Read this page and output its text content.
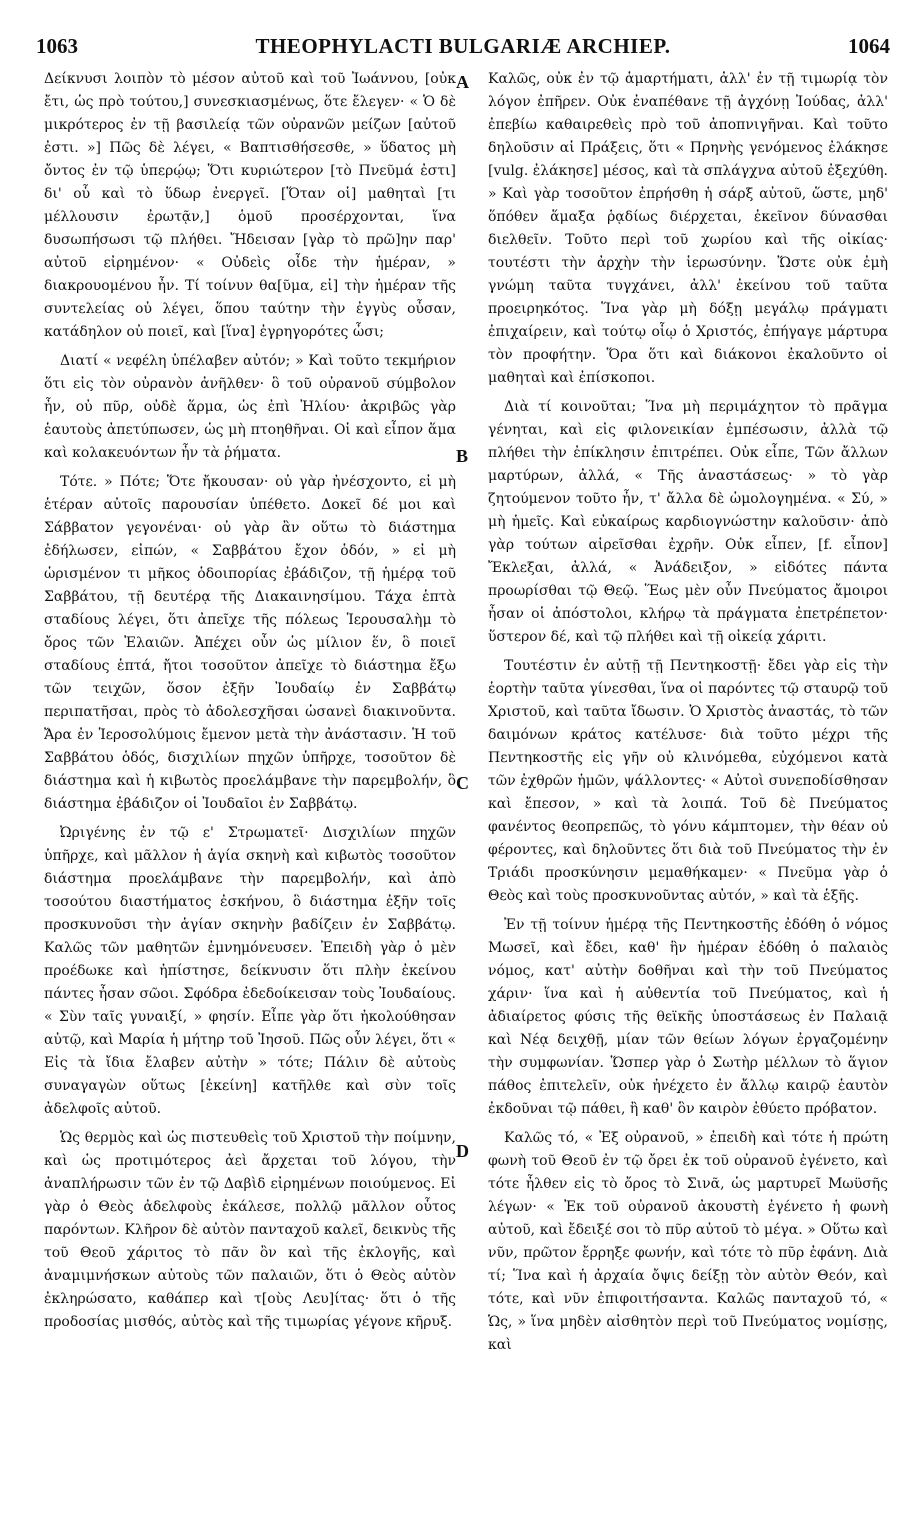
1063	THEOPHYLACTI BULGARIÆ ARCHIEP.	1064
A
B
C
D

Δείκνυσι λοιπὸν τὸ μέσον αὐτοῦ καὶ τοῦ Ἰωάννου, [οὐκ ἔτι, ὡς πρὸ τούτου,] συνεσκιασμένως, ὅτε ἔλεγεν· « Ὁ δὲ μικρότερος ἐν τῇ βασιλείᾳ τῶν οὐρανῶν μείζων [αὐτοῦ ἐστι. »] Πῶς δὲ λέγει, « Βαπτισθήσεσθε, » ὕδατος μὴ ὄντος ἐν τῷ ὑπερῴῳ; Ὅτι κυριώτερον [τὸ Πνεῦμά ἐστι] δι' οὗ καὶ τὸ ὕδωρ ἐνεργεῖ. [Ὅταν οἱ] μαθηταὶ [τι μέλλουσιν ἐρωτᾷν,] ὁμοῦ προσέρχονται, ἵνα δυσωπήσωσι τῷ πλήθει. Ἤδεισαν [γὰρ τὸ πρῶ]ην παρ' αὐτοῦ εἰρημένον· « Οὐδεὶς οἶδε τὴν ἡμέραν, » διακρουομένου ἦν. Τί τοίνυν θα[ῦμα, εἰ] τὴν ἡμέραν τῆς συντελείας οὐ λέγει, ὅπου ταύτην τὴν ἐγγὺς οὖσαν, κατάδηλον οὐ ποιεῖ, καὶ [ἵνα] ἐγρηγορότες ὦσι;

Διατί « νεφέλη ὑπέλαβεν αὐτόν; » Καὶ τοῦτο τεκμήριον ὅτι εἰς τὸν οὐρανὸν ἀνῆλθεν· ὃ τοῦ οὐρανοῦ σύμβολον ἦν, οὐ πῦρ, οὐδὲ ἅρμα, ὡς ἐπὶ Ἠλίου· ἀκριβῶς γὰρ ἑαυτοὺς ἀπετύπωσεν, ὡς μὴ πτοηθῆναι. Οἱ καὶ εἶπον ἅμα καὶ κολακευόντων ἦν τὰ ῥήματα.

Τότε. » Πότε; Ὅτε ἤκουσαν· οὐ γὰρ ἠνέσχοντο, εἰ μὴ ἑτέραν αὐτοῖς παρουσίαν ὑπέθετο. Δοκεῖ δέ μοι καὶ Σάββατον γεγονέναι· οὐ γὰρ ἂν οὕτω τὸ διάστημα ἐδήλωσεν, εἰπών, « Σαββάτου ἔχον ὁδόν, » εἰ μὴ ὡρισμένον τι μῆκος ὁδοιπορίας ἐβάδιζον, τῇ ἡμέρᾳ τοῦ Σαββάτου, τῇ δευτέρᾳ τῆς Διακαινησίμου. Τάχα ἑπτὰ σταδίους λέγει, ὅτι ἀπεῖχε τῆς πόλεως Ἱερουσαλὴμ τὸ ὄρος τῶν Ἐλαιῶν. Ἀπέχει οὖν ὡς μίλιον ἕν, ὃ ποιεῖ σταδίους ἑπτά, ἤτοι τοσοῦτον ἀπεῖχε τὸ διάστημα ἔξω τῶν τειχῶν, ὅσον ἐξῆν Ἰουδαίῳ ἐν Σαββάτῳ περιπατῆσαι, πρὸς τὸ ἀδολεσχῆσαι ὡσανεὶ διακινοῦντα. Ἄρα ἐν Ἱεροσολύμοις ἔμενον μετὰ τὴν ἀνάστασιν. Ἡ τοῦ Σαββάτου ὁδός, δισχιλίων πηχῶν ὑπῆρχε, τοσοῦτον δὲ διάστημα καὶ ἡ κιβωτὸς προελάμβανε τὴν παρεμβολήν, ὃ διάστημα ἐβάδιζον οἱ Ἰουδαῖοι ἐν Σαββάτῳ.

Ὠριγένης ἐν τῷ ε' Στρωματεῖ· Δισχιλίων πηχῶν ὑπῆρχε, καὶ μᾶλλον ἡ ἁγία σκηνὴ καὶ κιβωτὸς τοσοῦτον διάστημα προελάμβανε τὴν παρεμβολήν, καὶ ἀπὸ τοσούτου διαστήματος ἐσκήνου, ὃ διάστημα ἐξῆν τοῖς προσκυνοῦσι τὴν ἁγίαν σκηνὴν βαδίζειν ἐν Σαββάτῳ. Καλῶς τῶν μαθητῶν ἐμνημόνευσεν. Ἐπειδὴ γὰρ ὁ μὲν προέδωκε καὶ ἠπίστησε, δείκνυσιν ὅτι πλὴν ἐκείνου πάντες ἦσαν σῶοι. Σφόδρα ἐδεδοίκεισαν τοὺς Ἰουδαίους. « Σὺν ταῖς γυναιξί, » φησίν. Εἶπε γὰρ ὅτι ἠκολούθησαν αὐτῷ, καὶ Μαρία ἡ μήτηρ τοῦ Ἰησοῦ. Πῶς οὖν λέγει, ὅτι « Εἰς τὰ ἴδια ἔλαβεν αὐτὴν » τότε; Πάλιν δὲ αὐτοὺς συναγαγὼν οὕτως [ἐκείνη] κατῆλθε καὶ σὺν τοῖς ἀδελφοῖς αὐτοῦ.

Ὡς θερμὸς καὶ ὡς πιστευθεὶς τοῦ Χριστοῦ τὴν ποίμνην, καὶ ὡς προτιμότερος ἀεὶ ἄρχεται τοῦ λόγου, τὴν ἀναπλήρωσιν τῶν ἐν τῷ Δαβὶδ εἰρημένων ποιούμενος. Εἰ γὰρ ὁ Θεὸς ἀδελφοὺς ἐκάλεσε, πολλῷ μᾶλλον οὗτος παρόντων. Κλῆρον δὲ αὐτὸν πανταχοῦ καλεῖ, δεικνὺς τῆς τοῦ Θεοῦ χάριτος τὸ πᾶν ὂν καὶ τῆς ἐκλογῆς, καὶ ἀναμιμνήσκων αὐτοὺς τῶν παλαιῶν, ὅτι ὁ Θεὸς αὐτὸν ἐκληρώσατο, καθάπερ καὶ τ[οὺς Λευ]ίτας· ὅτι ὁ τῆς προδοσίας μισθός, αὐτὸς καὶ τῆς τιμωρίας γέγονε κῆρυξ.

Καλῶς, οὐκ ἐν τῷ ἁμαρτήματι, ἀλλ' ἐν τῇ τιμωρίᾳ τὸν λόγον ἐπῆρεν. Οὐκ ἐναπέθανε τῇ ἀγχόνῃ Ἰούδας, ἀλλ' ἐπεβίω καθαιρεθεὶς πρὸ τοῦ ἀποπνιγῆναι. Καὶ τοῦτο δηλοῦσιν αἱ Πράξεις, ὅτι « Πρηνὴς γενόμενος ἐλάκησε [vulg. ἐλάκησε] μέσος, καὶ τὰ σπλάγχνα αὐτοῦ ἐξεχύθη. » Καὶ γὰρ τοσοῦτον ἐπρήσθη ἡ σάρξ αὐτοῦ, ὥστε, μηδ' ὅπόθεν ἅμαξα ῥᾳδίως διέρχεται, ἐκεῖνον δύνασθαι διελθεῖν. Τοῦτο περὶ τοῦ χωρίου καὶ τῆς οἰκίας· τουτέστι τὴν ἀρχὴν τὴν ἱερωσύνην. Ὥστε οὐκ ἐμὴ γνώμη ταῦτα τυγχάνει, ἀλλ' ἐκείνου τοῦ ταῦτα προειρηκότος. Ἵνα γὰρ μὴ δόξῃ μεγάλῳ πράγματι ἐπιχαίρειν, καὶ τούτῳ οἷῳ ὁ Χριστός, ἐπήγαγε μάρτυρα τὸν προφήτην. Ὅρα ὅτι καὶ διάκονοι ἐκαλοῦντο οἱ μαθηταὶ καὶ ἐπίσκοποι.

Διὰ τί κοινοῦται; Ἵνα μὴ περιμάχητον τὸ πρᾶγμα γένηται, καὶ εἰς φιλονεικίαν ἐμπέσωσιν, ἀλλὰ τῷ πλήθει τὴν ἐπίκλησιν ἐπιτρέπει. Οὐκ εἶπε, Τῶν ἄλλων μαρτύρων, ἀλλά, « Τῆς ἀναστάσεως· » τὸ γὰρ ζητούμενον τοῦτο ἦν, τ' ἄλλα δὲ ὡμολογημένα. « Σύ, » μὴ ἡμεῖς. Καὶ εὐκαίρως καρδιογνώστην καλοῦσιν· ἀπὸ γὰρ τούτων αἱρεῖσθαι ἐχρῆν. Οὐκ εἶπεν, [f. εἶπον] Ἔκλεξαι, ἀλλά, « Ἀνάδειξον, » εἰδότες πάντα προωρίσθαι τῷ Θεῷ. Ἕως μὲν οὖν Πνεύματος ἄμοιροι ἦσαν οἱ ἀπόστολοι, κλήρῳ τὰ πράγματα ἐπετρέπετον· ὕστερον δέ, καὶ τῷ πλήθει καὶ τῇ οἰκείᾳ χάριτι.

Τουτέστιν ἐν αὐτῇ τῇ Πεντηκοστῇ· ἔδει γὰρ εἰς τὴν ἑορτὴν ταῦτα γίνεσθαι, ἵνα οἱ παρόντες τῷ σταυρῷ τοῦ Χριστοῦ, καὶ ταῦτα ἴδωσιν. Ὁ Χριστὸς ἀναστάς, τὸ τῶν δαιμόνων κράτος κατέλυσε· διὰ τοῦτο μέχρι τῆς Πεντηκοστῆς εἰς γῆν οὐ κλινόμεθα, εὐχόμενοι κατὰ τῶν ἐχθρῶν ἡμῶν, ψάλλοντες· « Αὐτοὶ συνεποδίσθησαν καὶ ἔπεσον, » καὶ τὰ λοιπά. Τοῦ δὲ Πνεύματος φανέντος θεοπρεπῶς, τὸ γόνυ κάμπτομεν, τὴν θέαν οὐ φέροντες, καὶ δηλοῦντες ὅτι διὰ τοῦ Πνεύματος τὴν ἐν Τριάδι προσκύνησιν μεμαθήκαμεν· « Πνεῦμα γὰρ ὁ Θεὸς καὶ τοὺς προσκυνοῦντας αὐτόν, » καὶ τὰ ἑξῆς.

Ἐν τῇ τοίνυν ἡμέρᾳ τῆς Πεντηκοστῆς ἐδόθη ὁ νόμος Μωσεῖ, καὶ ἔδει, καθ' ἣν ἡμέραν ἐδόθη ὁ παλαιὸς νόμος, κατ' αὐτὴν δοθῆναι καὶ τὴν τοῦ Πνεύματος χάριν· ἵνα καὶ ἡ αὐθεντία τοῦ Πνεύματος, καὶ ἡ ἀδιαίρετος φύσις τῆς θεϊκῆς ὑποστάσεως ἐν Παλαιᾷ καὶ Νέᾳ δειχθῇ, μίαν τῶν θείων λόγων ἐργαζομένην τὴν συμφωνίαν. Ὥσπερ γὰρ ὁ Σωτὴρ μέλλων τὸ ἅγιον πάθος ἐπιτελεῖν, οὐκ ἠνέχετο ἐν ἄλλῳ καιρῷ ἑαυτὸν ἐκδοῦναι τῷ πάθει, ἢ καθ' ὃν καιρὸν ἐθύετο πρόβατον.

Καλῶς τό, « Ἐξ οὐρανοῦ, » ἐπειδὴ καὶ τότε ἡ πρώτη φωνὴ τοῦ Θεοῦ ἐν τῷ ὄρει ἐκ τοῦ οὐρανοῦ ἐγένετο, καὶ τότε ἦλθεν εἰς τὸ ὄρος τὸ Σινᾶ, ὡς μαρτυρεῖ Μωϋσῆς λέγων· « Ἐκ τοῦ οὐρανοῦ ἀκουστὴ ἐγένετο ἡ φωνὴ αὐτοῦ, καὶ ἔδειξέ σοι τὸ πῦρ αὐτοῦ τὸ μέγα. » Οὕτω καὶ νῦν, πρῶτον ἔρρηξε φωνήν, καὶ τότε τὸ πῦρ ἐφάνη. Διὰ τί; Ἵνα καὶ ἡ ἀρχαία ὄψις δείξῃ τὸν αὐτὸν Θεόν, καὶ τότε, καὶ νῦν ἐπιφοιτήσαντα. Καλῶς πανταχοῦ τό, « Ὡς, » ἵνα μηδὲν αἰσθητὸν περὶ τοῦ Πνεύματος νομίσῃς, καὶ
